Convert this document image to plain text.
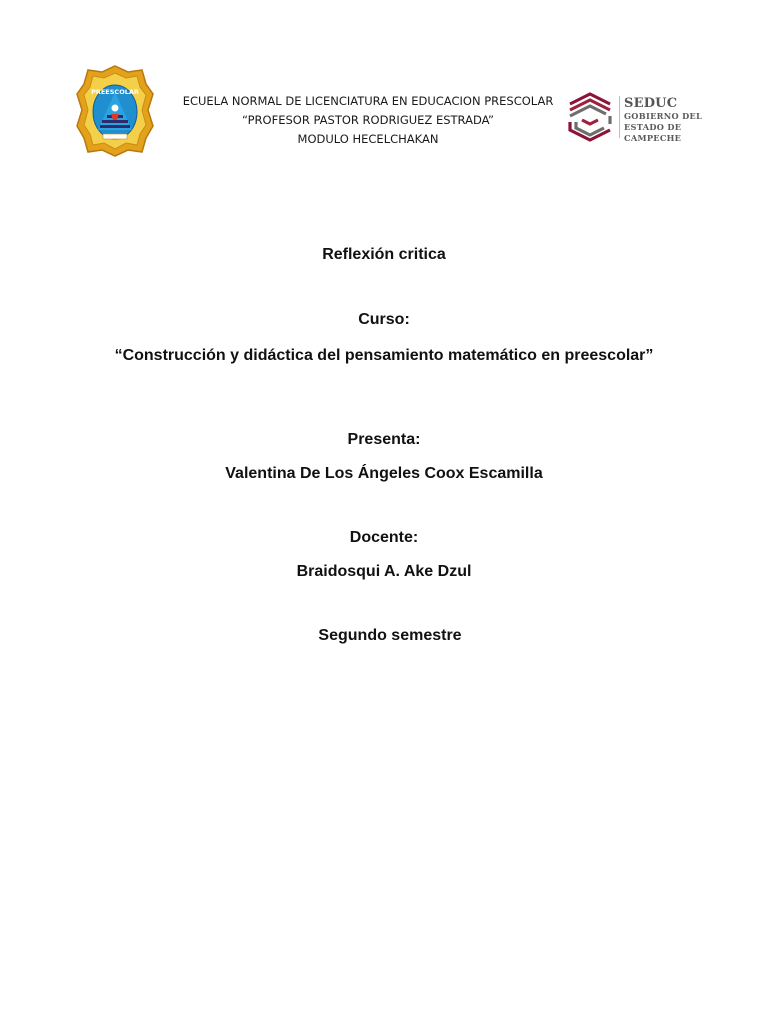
PREESCOLAR
ECUELA NORMAL DE LICENCIATURA EN EDUCACION PRESCOLAR
“PROFESOR PASTOR RODRIGUEZ ESTRADA”
MODULO HECELCHAKAN
SEDUC
GOBIERNO DEL ESTADO DE CAMPECHE
Reflexión critica
Curso:
“Construcción y didáctica del pensamiento matemático en preescolar”
Presenta:
Valentina De Los Ángeles Coox Escamilla
Docente:
Braidosqui A. Ake Dzul
Segundo semestre
